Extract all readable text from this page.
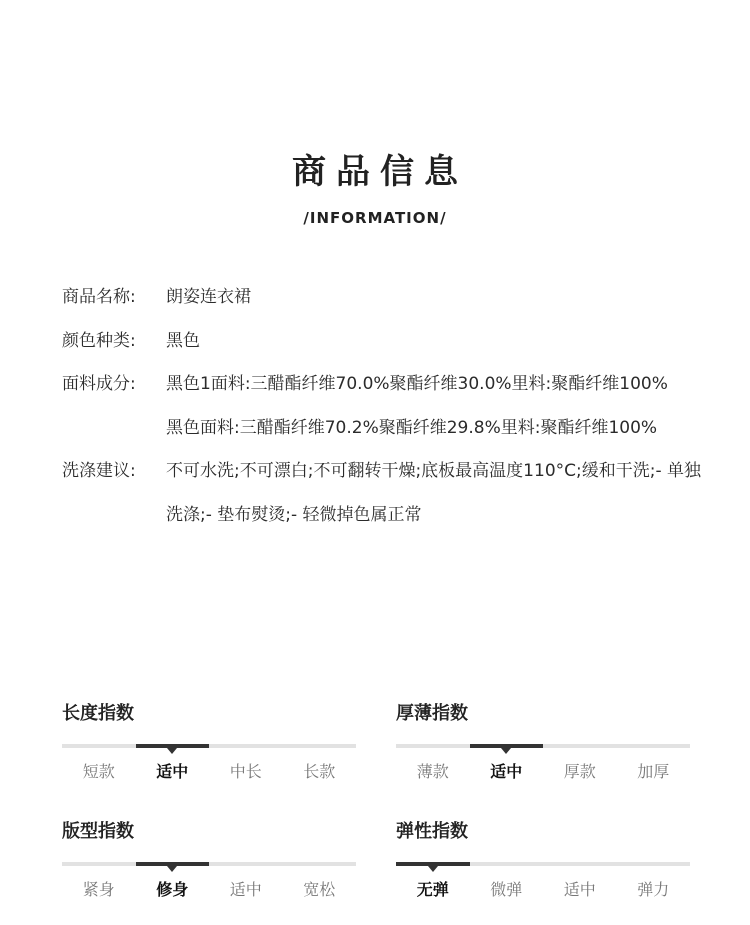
商品信息
/INFORMATION/
商品名称:	朗姿连衣裙

颜色种类:	黑色

面料成分:	黑色1面料:三醋酯纤维70.0%聚酯纤维30.0%里料:聚酯纤维100%

黑色面料:三醋酯纤维70.2%聚酯纤维29.8%里料:聚酯纤维100%

洗涤建议:	不可水洗;不可漂白;不可翻转干燥;底板最高温度110°C;缓和干洗;- 单独洗涤;- 垫布熨烫;- 轻微掉色属正常

长度指数
短款	适中	中长	长款
厚薄指数
薄款	适中	厚款	加厚
版型指数
紧身	修身	适中	宽松
弹性指数
无弹	微弹	适中	弹力
